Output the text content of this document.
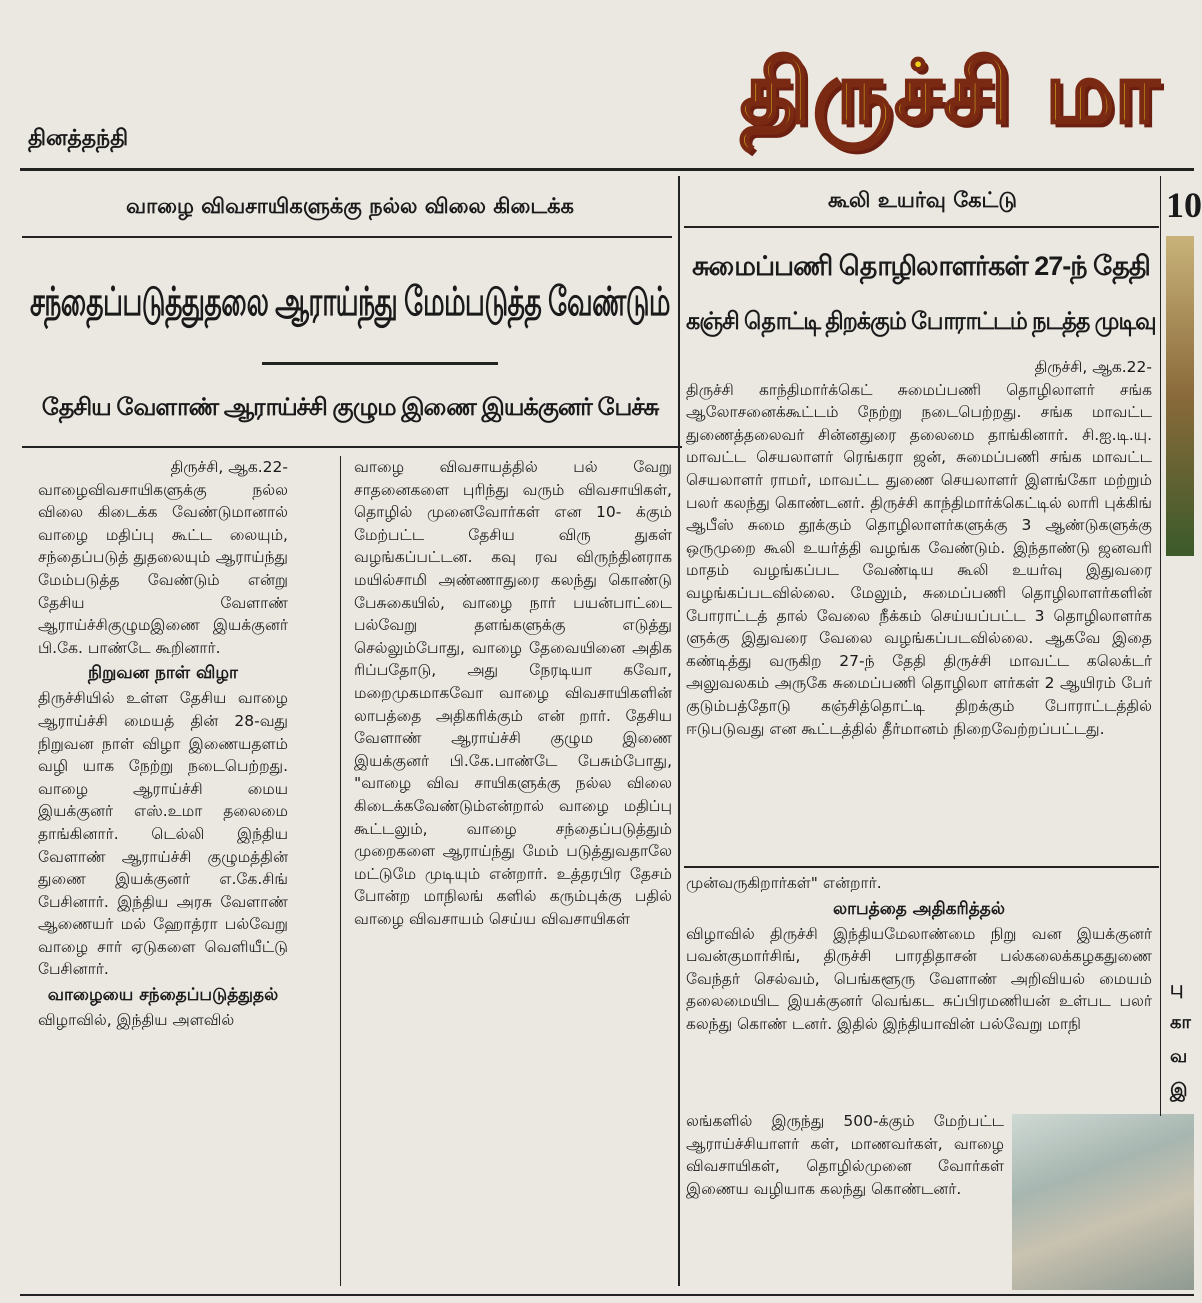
திருச்சி மா
தினத்தந்தி
வாழை விவசாயிகளுக்கு நல்ல விலை கிடைக்க
சந்தைப்படுத்துதலை ஆராய்ந்து மேம்படுத்த வேண்டும்
தேசிய வேளாண் ஆராய்ச்சி குழும இணை இயக்குனர் பேச்சு

திருச்சி, ஆக.22-

வாழைவிவசாயிகளுக்கு நல்ல விலை கிடைக்க வேண்டுமானால் வாழை மதிப்பு கூட்ட லையும், சந்தைப்படுத் துதலையும் ஆராய்ந்து மேம்படுத்த வேண்டும் என்று தேசிய வேளாண் ஆராய்ச்சிகுழுமஇணை இயக்குனர் பி.கே. பாண்டே கூறினார்.

நிறுவன நாள் விழா

திருச்சியில் உள்ள தேசிய வாழை ஆராய்ச்சி மையத் தின் 28-வது நிறுவன நாள் விழா இணையதளம் வழி யாக நேற்று நடைபெற்றது. வாழை ஆராய்ச்சி மைய இயக்குனர் எஸ்.உமா தலைமை தாங்கினார். டெல்லி இந்திய வேளாண் ஆராய்ச்சி குழுமத்தின் துணை இயக்குனர் எ.கே.சிங் பேசினார். இந்திய அரசு வேளாண் ஆணையர் மல் ஹோத்ரா பல்வேறு வாழை சார் ஏடுகளை வெளியீட்டு பேசினார்.

வாழையை சந்தைப்படுத்துதல்

விழாவில், இந்திய அளவில்

வாழை விவசாயத்தில் பல் வேறு சாதனைகளை புரிந்து வரும் விவசாயிகள், தொழில் முனைவோர்கள் என 10- க்கும் மேற்பட்ட தேசிய விரு துகள் வழங்கப்பட்டன. கவு ரவ விருந்தினராக மயில்சாமி அண்ணாதுரை கலந்து கொண்டு பேசுகையில், வாழை நார் பயன்பாட்டை பல்வேறு தளங்களுக்கு எடுத்து செல்லும்போது, வாழை தேவையினை அதிக ரிப்பதோடு, அது நேரடியா கவோ, மறைமுகமாகவோ வாழை விவசாயிகளின் லாபத்தை அதிகரிக்கும் என் றார். தேசிய வேளாண் ஆராய்ச்சி குழும இணை இயக்குனர் பி.கே.பாண்டே பேசும்போது, "வாழை விவ சாயிகளுக்கு நல்ல விலை கிடைக்கவேண்டும்என்றால் வாழை மதிப்பு கூட்டலும், வாழை சந்தைப்படுத்தும் முறைகளை ஆராய்ந்து மேம் படுத்துவதாலே மட்டுமே முடியும் என்றார். உத்தரபிர தேசம் போன்ற மாநிலங் களில் கரும்புக்கு பதில் வாழை விவசாயம் செய்ய விவசாயிகள்

கூலி உயர்வு கேட்டு
சுமைப்பணி தொழிலாளர்கள் 27-ந் தேதி
கஞ்சி தொட்டி திறக்கும் போராட்டம் நடத்த முடிவு

திருச்சி, ஆக.22-

திருச்சி காந்திமார்க்கெட் சுமைப்பணி தொழிலாளர் சங்க ஆலோசனைக்கூட்டம் நேற்று நடைபெற்றது. சங்க மாவட்ட துணைத்தலைவர் சின்னதுரை தலைமை தாங்கினார். சி.ஐ.டி.யு. மாவட்ட செயலாளர் ரெங்கரா ஜன், சுமைப்பணி சங்க மாவட்ட செயலாளர் ராமர், மாவட்ட துணை செயலாளர் இளங்கோ மற்றும் பலர் கலந்து கொண்டனர். திருச்சி காந்திமார்க்கெட்டில் லாரி புக்கிங் ஆபீஸ் சுமை தூக்கும் தொழிலாளர்களுக்கு 3 ஆண்டுகளுக்கு ஒருமுறை கூலி உயர்த்தி வழங்க வேண்டும். இந்தாண்டு ஜனவரி மாதம் வழங்கப்பட வேண்டிய கூலி உயர்வு இதுவரை வழங்கப்படவில்லை. மேலும், சுமைப்பணி தொழிலாளர்களின் போராட்டத் தால் வேலை நீக்கம் செய்யப்பட்ட 3 தொழிலாளர்க ளுக்கு இதுவரை வேலை வழங்கப்படவில்லை. ஆகவே இதை கண்டித்து வருகிற 27-ந் தேதி திருச்சி மாவட்ட கலெக்டர் அலுவலகம் அருகே சுமைப்பணி தொழிலா ளர்கள் 2 ஆயிரம் பேர் குடும்பத்தோடு கஞ்சித்தொட்டி திறக்கும் போராட்டத்தில் ஈடுபடுவது என கூட்டத்தில் தீர்மானம் நிறைவேற்றப்பட்டது.

முன்வருகிறார்கள்" என்றார்.

லாபத்தை அதிகரித்தல்

விழாவில் திருச்சி இந்தியமேலாண்மை நிறு வன இயக்குனர் பவன்குமார்சிங், திருச்சி பாரதிதாசன் பல்கலைக்கழகதுணை வேந்தர் செல்வம், பெங்களூரு வேளாண் அறிவியல் மையம் தலைமையிட இயக்குனர் வெங்கட சுப்பிரமணியன் உள்பட பலர் கலந்து கொண் டனர். இதில் இந்தியாவின் பல்வேறு மாநி

லங்களில் இருந்து 500-க்கும் மேற்பட்ட ஆராய்ச்சியாளர் கள், மாணவர்கள், வாழை விவசாயிகள், தொழில்முனை வோர்கள் இணைய வழியாக கலந்து கொண்டனர்.

10
பு
கா
வ
இ
